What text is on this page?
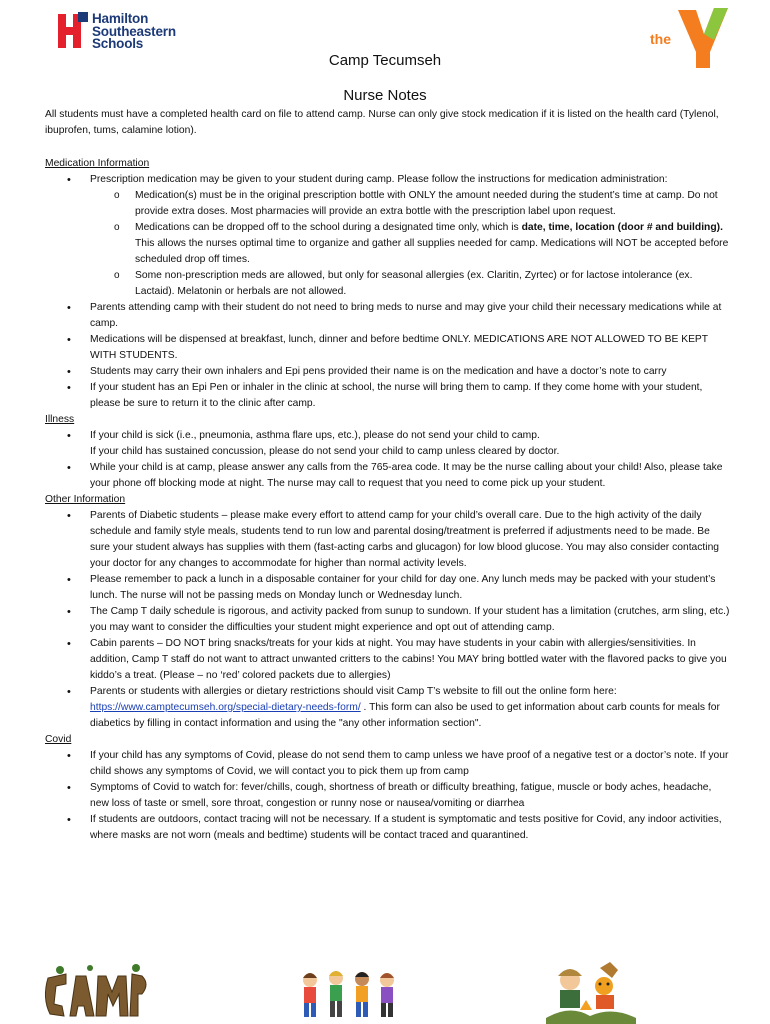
Hamilton
Southeastern
Schools	the
Camp Tecumseh
Nurse Notes

All students must have a completed health card on file to attend camp. Nurse can only give stock medication if it is listed on the health card (Tylenol, ibuprofen, tums, calamine lotion).

Medication Information

• Prescription medication may be given to your student during camp. Please follow the instructions for medication administration:
o Medication(s) must be in the original prescription bottle with ONLY the amount needed during the student’s time at camp. Do not provide extra doses. Most pharmacies will provide an extra bottle with the prescription label upon request.
o Medications can be dropped off to the school during a designated time only, which is date, time, location (door # and building). This allows the nurses optimal time to organize and gather all supplies needed for camp. Medications will NOT be accepted before scheduled drop off times.
o Some non-prescription meds are allowed, but only for seasonal allergies (ex. Claritin, Zyrtec) or for lactose intolerance (ex. Lactaid). Melatonin or herbals are not allowed.
• Parents attending camp with their student do not need to bring meds to nurse and may give your child their necessary medications while at camp.
• Medications will be dispensed at breakfast, lunch, dinner and before bedtime ONLY. MEDICATIONS ARE NOT ALLOWED TO BE KEPT WITH STUDENTS.
• Students may carry their own inhalers and Epi pens provided their name is on the medication and have a doctor’s note to carry
• If your student has an Epi Pen or inhaler in the clinic at school, the nurse will bring them to camp. If they come home with your student, please be sure to return it to the clinic after camp.

Illness

• If your child is sick (i.e., pneumonia, asthma flare ups, etc.), please do not send your child to camp.
If your child has sustained concussion, please do not send your child to camp unless cleared by doctor.
• While your child is at camp, please answer any calls from the 765-area code. It may be the nurse calling about your child! Also, please take your phone off blocking mode at night. The nurse may call to request that you need to come pick up your student.

Other Information

• Parents of Diabetic students – please make every effort to attend camp for your child’s overall care. Due to the high activity of the daily schedule and family style meals, students tend to run low and parental dosing/treatment is preferred if adjustments need to be made. Be sure your student always has supplies with them (fast-acting carbs and glucagon) for low blood glucose. You may also consider contacting your doctor for any changes to accommodate for higher than normal activity levels.
• Please remember to pack a lunch in a disposable container for your child for day one. Any lunch meds may be packed with your student’s lunch. The nurse will not be passing meds on Monday lunch or Wednesday lunch.
• The Camp T daily schedule is rigorous, and activity packed from sunup to sundown. If your student has a limitation (crutches, arm sling, etc.) you may want to consider the difficulties your student might experience and opt out of attending camp.
• Cabin parents – DO NOT bring snacks/treats for your kids at night. You may have students in your cabin with allergies/sensitivities. In addition, Camp T staff do not want to attract unwanted critters to the cabins! You MAY bring bottled water with the flavored packs to give you kiddo’s a treat. (Please – no ‘red’ colored packets due to allergies)
• Parents or students with allergies or dietary restrictions should visit Camp T’s website to fill out the online form here: https://www.camptecumseh.org/special-dietary-needs-form/ . This form can also be used to get information about carb counts for meals for diabetics by filling in contact information and using the "any other information section".

Covid

• If your child has any symptoms of Covid, please do not send them to camp unless we have proof of a negative test or a doctor’s note. If your child shows any symptoms of Covid, we will contact you to pick them up from camp
• Symptoms of Covid to watch for: fever/chills, cough, shortness of breath or difficulty breathing, fatigue, muscle or body aches, headache, new loss of taste or smell, sore throat, congestion or runny nose or nausea/vomiting or diarrhea
• If students are outdoors, contact tracing will not be necessary. If a student is symptomatic and tests positive for Covid, any indoor activities, where masks are not worn (meals and bedtime) students will be contact traced and quarantined.
